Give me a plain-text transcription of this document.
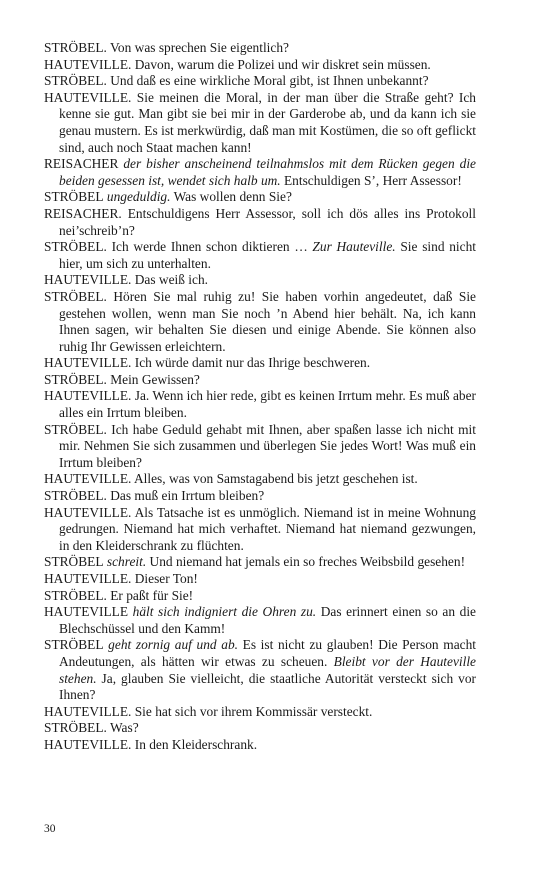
STRÖBEL. Von was sprechen Sie eigentlich?

HAUTEVILLE. Davon, warum die Polizei und wir diskret sein müssen.

STRÖBEL. Und daß es eine wirkliche Moral gibt, ist Ihnen unbekannt?

HAUTEVILLE. Sie meinen die Moral, in der man über die Straße geht? Ich kenne sie gut. Man gibt sie bei mir in der Garderobe ab, und da kann ich sie genau mustern. Es ist merkwürdig, daß man mit Kostümen, die so oft geflickt sind, auch noch Staat machen kann!

REISACHER der bisher anscheinend teilnahmslos mit dem Rücken gegen die beiden gesessen ist, wendet sich halb um. Entschuldigen S’, Herr Assessor!

STRÖBEL ungeduldig. Was wollen denn Sie?

REISACHER. Entschuldigens Herr Assessor, soll ich dös alles ins Protokoll nei’schreib’n?

STRÖBEL. Ich werde Ihnen schon diktieren … Zur Hauteville. Sie sind nicht hier, um sich zu unterhalten.

HAUTEVILLE. Das weiß ich.

STRÖBEL. Hören Sie mal ruhig zu! Sie haben vorhin angedeutet, daß Sie gestehen wollen, wenn man Sie noch ’n Abend hier behält. Na, ich kann Ihnen sagen, wir behalten Sie diesen und einige Abende. Sie können also ruhig Ihr Gewissen erleichtern.

HAUTEVILLE. Ich würde damit nur das Ihrige beschweren.

STRÖBEL. Mein Gewissen?

HAUTEVILLE. Ja. Wenn ich hier rede, gibt es keinen Irrtum mehr. Es muß aber alles ein Irrtum bleiben.

STRÖBEL. Ich habe Geduld gehabt mit Ihnen, aber spaßen lasse ich nicht mit mir. Nehmen Sie sich zusammen und überlegen Sie jedes Wort! Was muß ein Irrtum bleiben?

HAUTEVILLE. Alles, was von Samstagabend bis jetzt geschehen ist.

STRÖBEL. Das muß ein Irrtum bleiben?

HAUTEVILLE. Als Tatsache ist es unmöglich. Niemand ist in meine Wohnung gedrungen. Niemand hat mich verhaftet. Niemand hat niemand gezwungen, in den Kleiderschrank zu flüchten.

STRÖBEL schreit. Und niemand hat jemals ein so freches Weibsbild gesehen!

HAUTEVILLE. Dieser Ton!

STRÖBEL. Er paßt für Sie!

HAUTEVILLE hält sich indigniert die Ohren zu. Das erinnert einen so an die Blechschüssel und den Kamm!

STRÖBEL geht zornig auf und ab. Es ist nicht zu glauben! Die Person macht Andeutungen, als hätten wir etwas zu scheuen. Bleibt vor der Hauteville stehen. Ja, glauben Sie vielleicht, die staatliche Autorität versteckt sich vor Ihnen?

HAUTEVILLE. Sie hat sich vor ihrem Kommissär versteckt.

STRÖBEL. Was?

HAUTEVILLE. In den Kleiderschrank.

30
